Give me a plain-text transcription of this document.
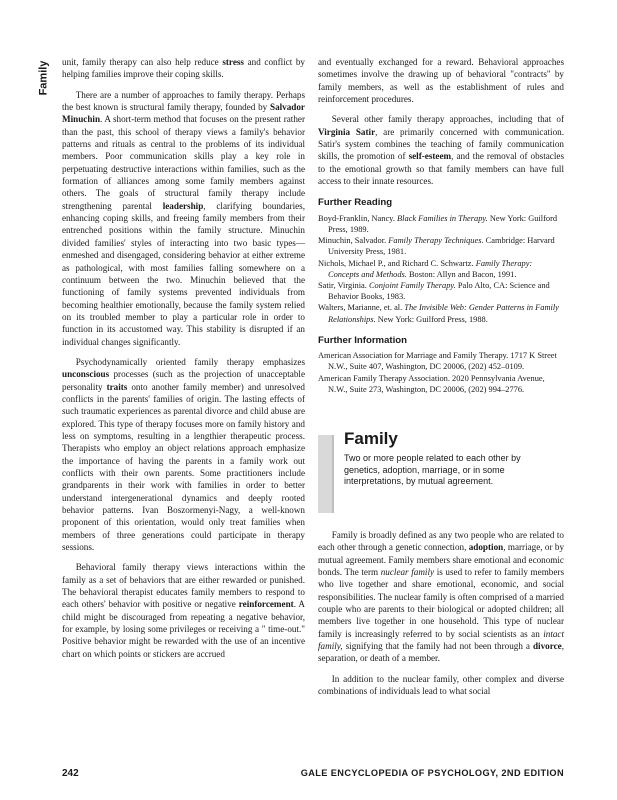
Family unit, family therapy can also help reduce stress and conflict by helping families improve their coping skills.

There are a number of approaches to family therapy. Perhaps the best known is structural family therapy, founded by Salvador Minuchin. A short-term method that focuses on the present rather than the past, this school of therapy views a family's behavior patterns and rituals as central to the problems of its individual members. Poor communication skills play a key role in perpetuating destructive interactions within families, such as the formation of alliances among some family members against others. The goals of structural family therapy include strengthening parental leadership, clarifying boundaries, enhancing coping skills, and freeing family members from their entrenched positions within the family structure. Minuchin divided families' styles of interacting into two basic types—enmeshed and disengaged, considering behavior at either extreme as pathological, with most families falling somewhere on a continuum between the two. Minuchin believed that the functioning of family systems prevented individuals from becoming healthier emotionally, because the family system relied on its troubled member to play a particular role in order to function in its accustomed way. This stability is disrupted if an individual changes significantly.

Psychodynamically oriented family therapy emphasizes unconscious processes (such as the projection of unacceptable personality traits onto another family member) and unresolved conflicts in the parents' families of origin. The lasting effects of such traumatic experiences as parental divorce and child abuse are explored. This type of therapy focuses more on family history and less on symptoms, resulting in a lengthier therapeutic process. Therapists who employ an object relations approach emphasize the importance of having the parents in a family work out conflicts with their own parents. Some practitioners include grandparents in their work with families in order to better understand intergenerational dynamics and deeply rooted behavior patterns. Ivan Boszormenyi-Nagy, a well-known proponent of this orientation, would only treat families when members of three generations could participate in therapy sessions.

Behavioral family therapy views interactions within the family as a set of behaviors that are either rewarded or punished. The behavioral therapist educates family members to respond to each others' behavior with positive or negative reinforcement. A child might be discouraged from repeating a negative behavior, for example, by losing some privileges or receiving a " time-out." Positive behavior might be rewarded with the use of an incentive chart on which points or stickers are accrued

and eventually exchanged for a reward. Behavioral approaches sometimes involve the drawing up of behavioral "contracts" by family members, as well as the establishment of rules and reinforcement procedures.

Several other family therapy approaches, including that of Virginia Satir, are primarily concerned with communication. Satir's system combines the teaching of family communication skills, the promotion of self-esteem, and the removal of obstacles to the emotional growth so that family members can have full access to their innate resources.

Further Reading

Boyd-Franklin, Nancy. Black Families in Therapy. New York: Guilford Press, 1989.

Minuchin, Salvador. Family Therapy Techniques. Cambridge: Harvard University Press, 1981.

Nichols, Michael P., and Richard C. Schwartz. Family Therapy: Concepts and Methods. Boston: Allyn and Bacon, 1991.

Satir, Virginia. Conjoint Family Therapy. Palo Alto, CA: Science and Behavior Books, 1983.

Walters, Marianne, et. al. The Invisible Web: Gender Patterns in Family Relationships. New York: Guilford Press, 1988.

Further Information

American Association for Marriage and Family Therapy. 1717 K Street N.W., Suite 407, Washington, DC 20006, (202) 452–0109.

American Family Therapy Association. 2020 Pennsylvania Avenue, N.W., Suite 273, Washington, DC 20006, (202) 994–2776.

Family
Two or more people related to each other by genetics, adoption, marriage, or in some interpretations, by mutual agreement.

Family is broadly defined as any two people who are related to each other through a genetic connection, adoption, marriage, or by mutual agreement. Family members share emotional and economic bonds. The term nuclear family is used to refer to family members who live together and share emotional, economic, and social responsibilities. The nuclear family is often comprised of a married couple who are parents to their biological or adopted children; all members live together in one household. This type of nuclear family is increasingly referred to by social scientists as an intact family, signifying that the family had not been through a divorce, separation, or death of a member.

In addition to the nuclear family, other complex and diverse combinations of individuals lead to what social

242	GALE ENCYCLOPEDIA OF PSYCHOLOGY, 2ND EDITION
